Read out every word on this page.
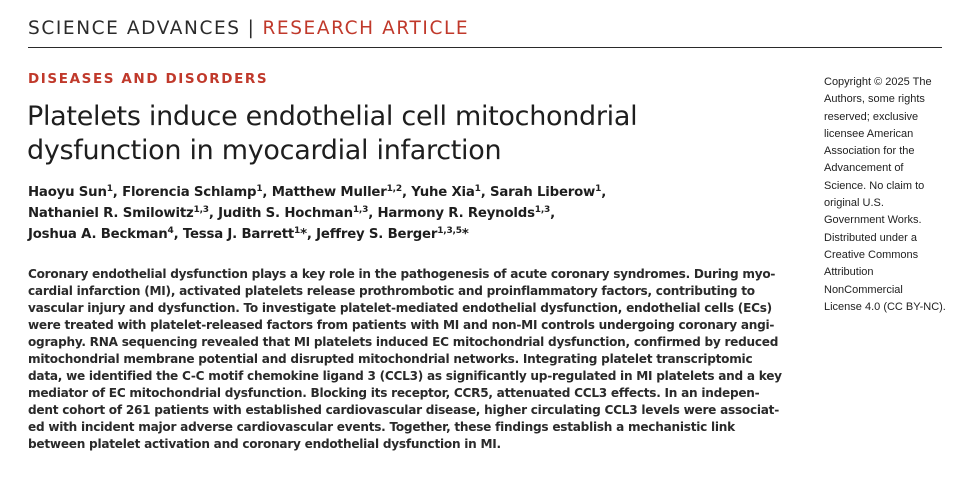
SCIENCE ADVANCES | RESEARCH ARTICLE
DISEASES AND DISORDERS
Platelets induce endothelial cell mitochondrial
dysfunction in myocardial infarction
Haoyu Sun$^1$, Florencia Schlamp$^1$, Matthew Muller$^{1,2}$, Yuhe Xia$^1$, Sarah Liberow$^1$,
Nathaniel R. Smilowitz$^{1,3}$, Judith S. Hochman$^{1,3}$, Harmony R. Reynolds$^{1,3}$,
Joshua A. Beckman$^4$, Tessa J. Barrett$^1$*, Jeffrey S. Berger$^{1,3,5}$*
Coronary endothelial dysfunction plays a key role in the pathogenesis of acute coronary syndromes. During myo-
cardial infarction (MI), activated platelets release prothrombotic and proinflammatory factors, contributing to
vascular injury and dysfunction. To investigate platelet-mediated endothelial dysfunction, endothelial cells (ECs)
were treated with platelet-released factors from patients with MI and non-MI controls undergoing coronary angi-
ography. RNA sequencing revealed that MI platelets induced EC mitochondrial dysfunction, confirmed by reduced
mitochondrial membrane potential and disrupted mitochondrial networks. Integrating platelet transcriptomic
data, we identified the C-C motif chemokine ligand 3 (CCL3) as significantly up-regulated in MI platelets and a key
mediator of EC mitochondrial dysfunction. Blocking its receptor, CCR5, attenuated CCL3 effects. In an indepen-
dent cohort of 261 patients with established cardiovascular disease, higher circulating CCL3 levels were associat-
ed with incident major adverse cardiovascular events. Together, these findings establish a mechanistic link
between platelet activation and coronary endothelial dysfunction in MI.
Copyright © 2025 The
Authors, some rights
reserved; exclusive
licensee American
Association for the
Advancement of
Science. No claim to
original U.S.
Government Works.
Distributed under a
Creative Commons
Attribution
NonCommercial
License 4.0 (CC BY-NC).
